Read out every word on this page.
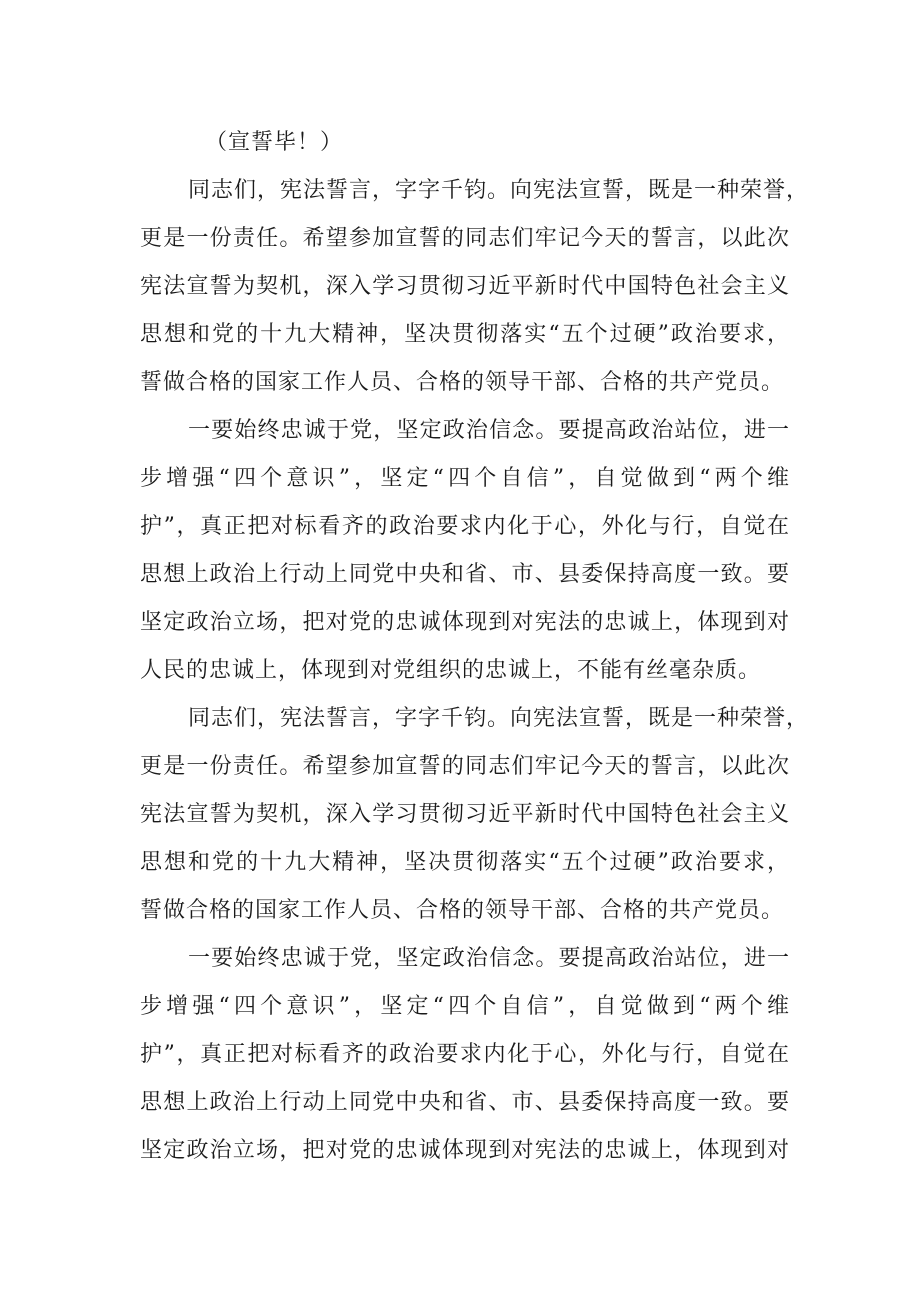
（宣誓毕！）
同志们，宪法誓言，字字千钧。向宪法宣誓，既是一种荣誉，
更是一份责任。希望参加宣誓的同志们牢记今天的誓言，以此次
宪法宣誓为契机，深入学习贯彻习近平新时代中国特色社会主义
思想和党的十九大精神，坚决贯彻落实“五个过硬”政治要求，
誓做合格的国家工作人员、合格的领导干部、合格的共产党员。
一要始终忠诚于党，坚定政治信念。要提高政治站位，进一
步增强“四个意识”，坚定“四个自信”，自觉做到“两个维
护”，真正把对标看齐的政治要求内化于心，外化与行，自觉在
思想上政治上行动上同党中央和省、市、县委保持高度一致。要
坚定政治立场，把对党的忠诚体现到对宪法的忠诚上，体现到对
人民的忠诚上，体现到对党组织的忠诚上，不能有丝毫杂质。
同志们，宪法誓言，字字千钧。向宪法宣誓，既是一种荣誉，
更是一份责任。希望参加宣誓的同志们牢记今天的誓言，以此次
宪法宣誓为契机，深入学习贯彻习近平新时代中国特色社会主义
思想和党的十九大精神，坚决贯彻落实“五个过硬”政治要求，
誓做合格的国家工作人员、合格的领导干部、合格的共产党员。
一要始终忠诚于党，坚定政治信念。要提高政治站位，进一
步增强“四个意识”，坚定“四个自信”，自觉做到“两个维
护”，真正把对标看齐的政治要求内化于心，外化与行，自觉在
思想上政治上行动上同党中央和省、市、县委保持高度一致。要
坚定政治立场，把对党的忠诚体现到对宪法的忠诚上，体现到对
